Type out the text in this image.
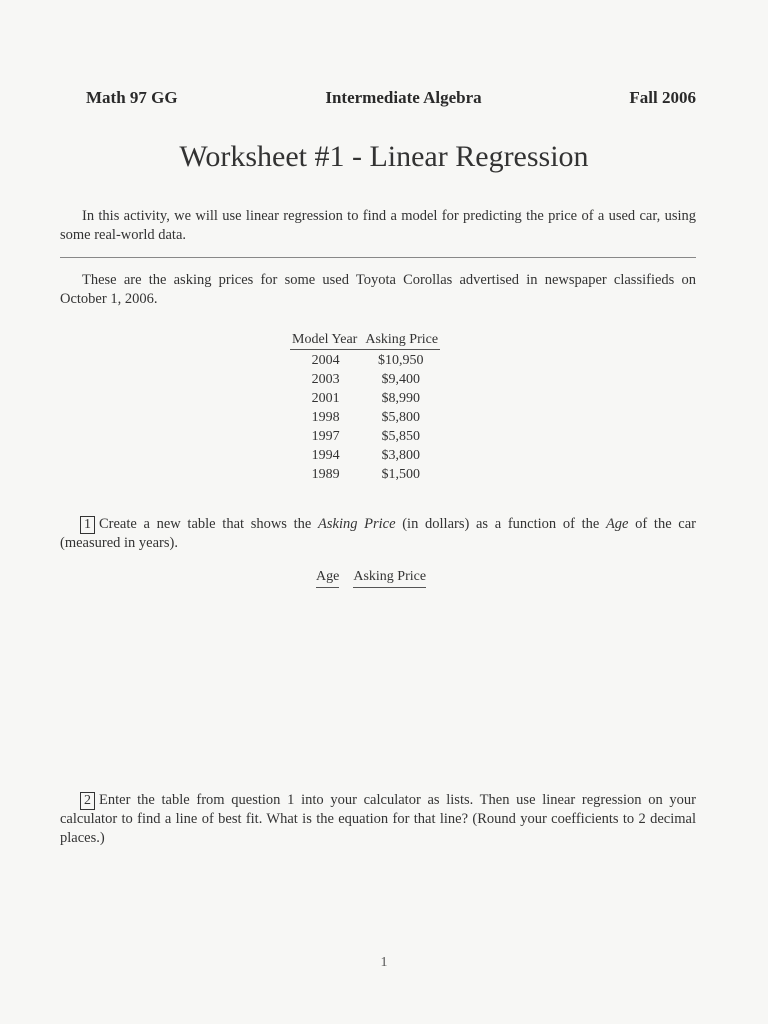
Math 97 GG	Intermediate Algebra	Fall 2006
Worksheet #1 - Linear Regression
In this activity, we will use linear regression to find a model for predicting the price of a used car, using some real-world data.
These are the asking prices for some used Toyota Corollas advertised in newspaper classifieds on October 1, 2006.
Model Year	Asking Price
2004	$10,950
2003	$9,400
2001	$8,990
1998	$5,800
1997	$5,850
1994	$3,800
1989	$1,500
1 Create a new table that shows the Asking Price (in dollars) as a function of the Age of the car (measured in years).
Age		Asking Price
2 Enter the table from question 1 into your calculator as lists. Then use linear regression on your calculator to find a line of best fit. What is the equation for that line? (Round your coefficients to 2 decimal places.)
1
